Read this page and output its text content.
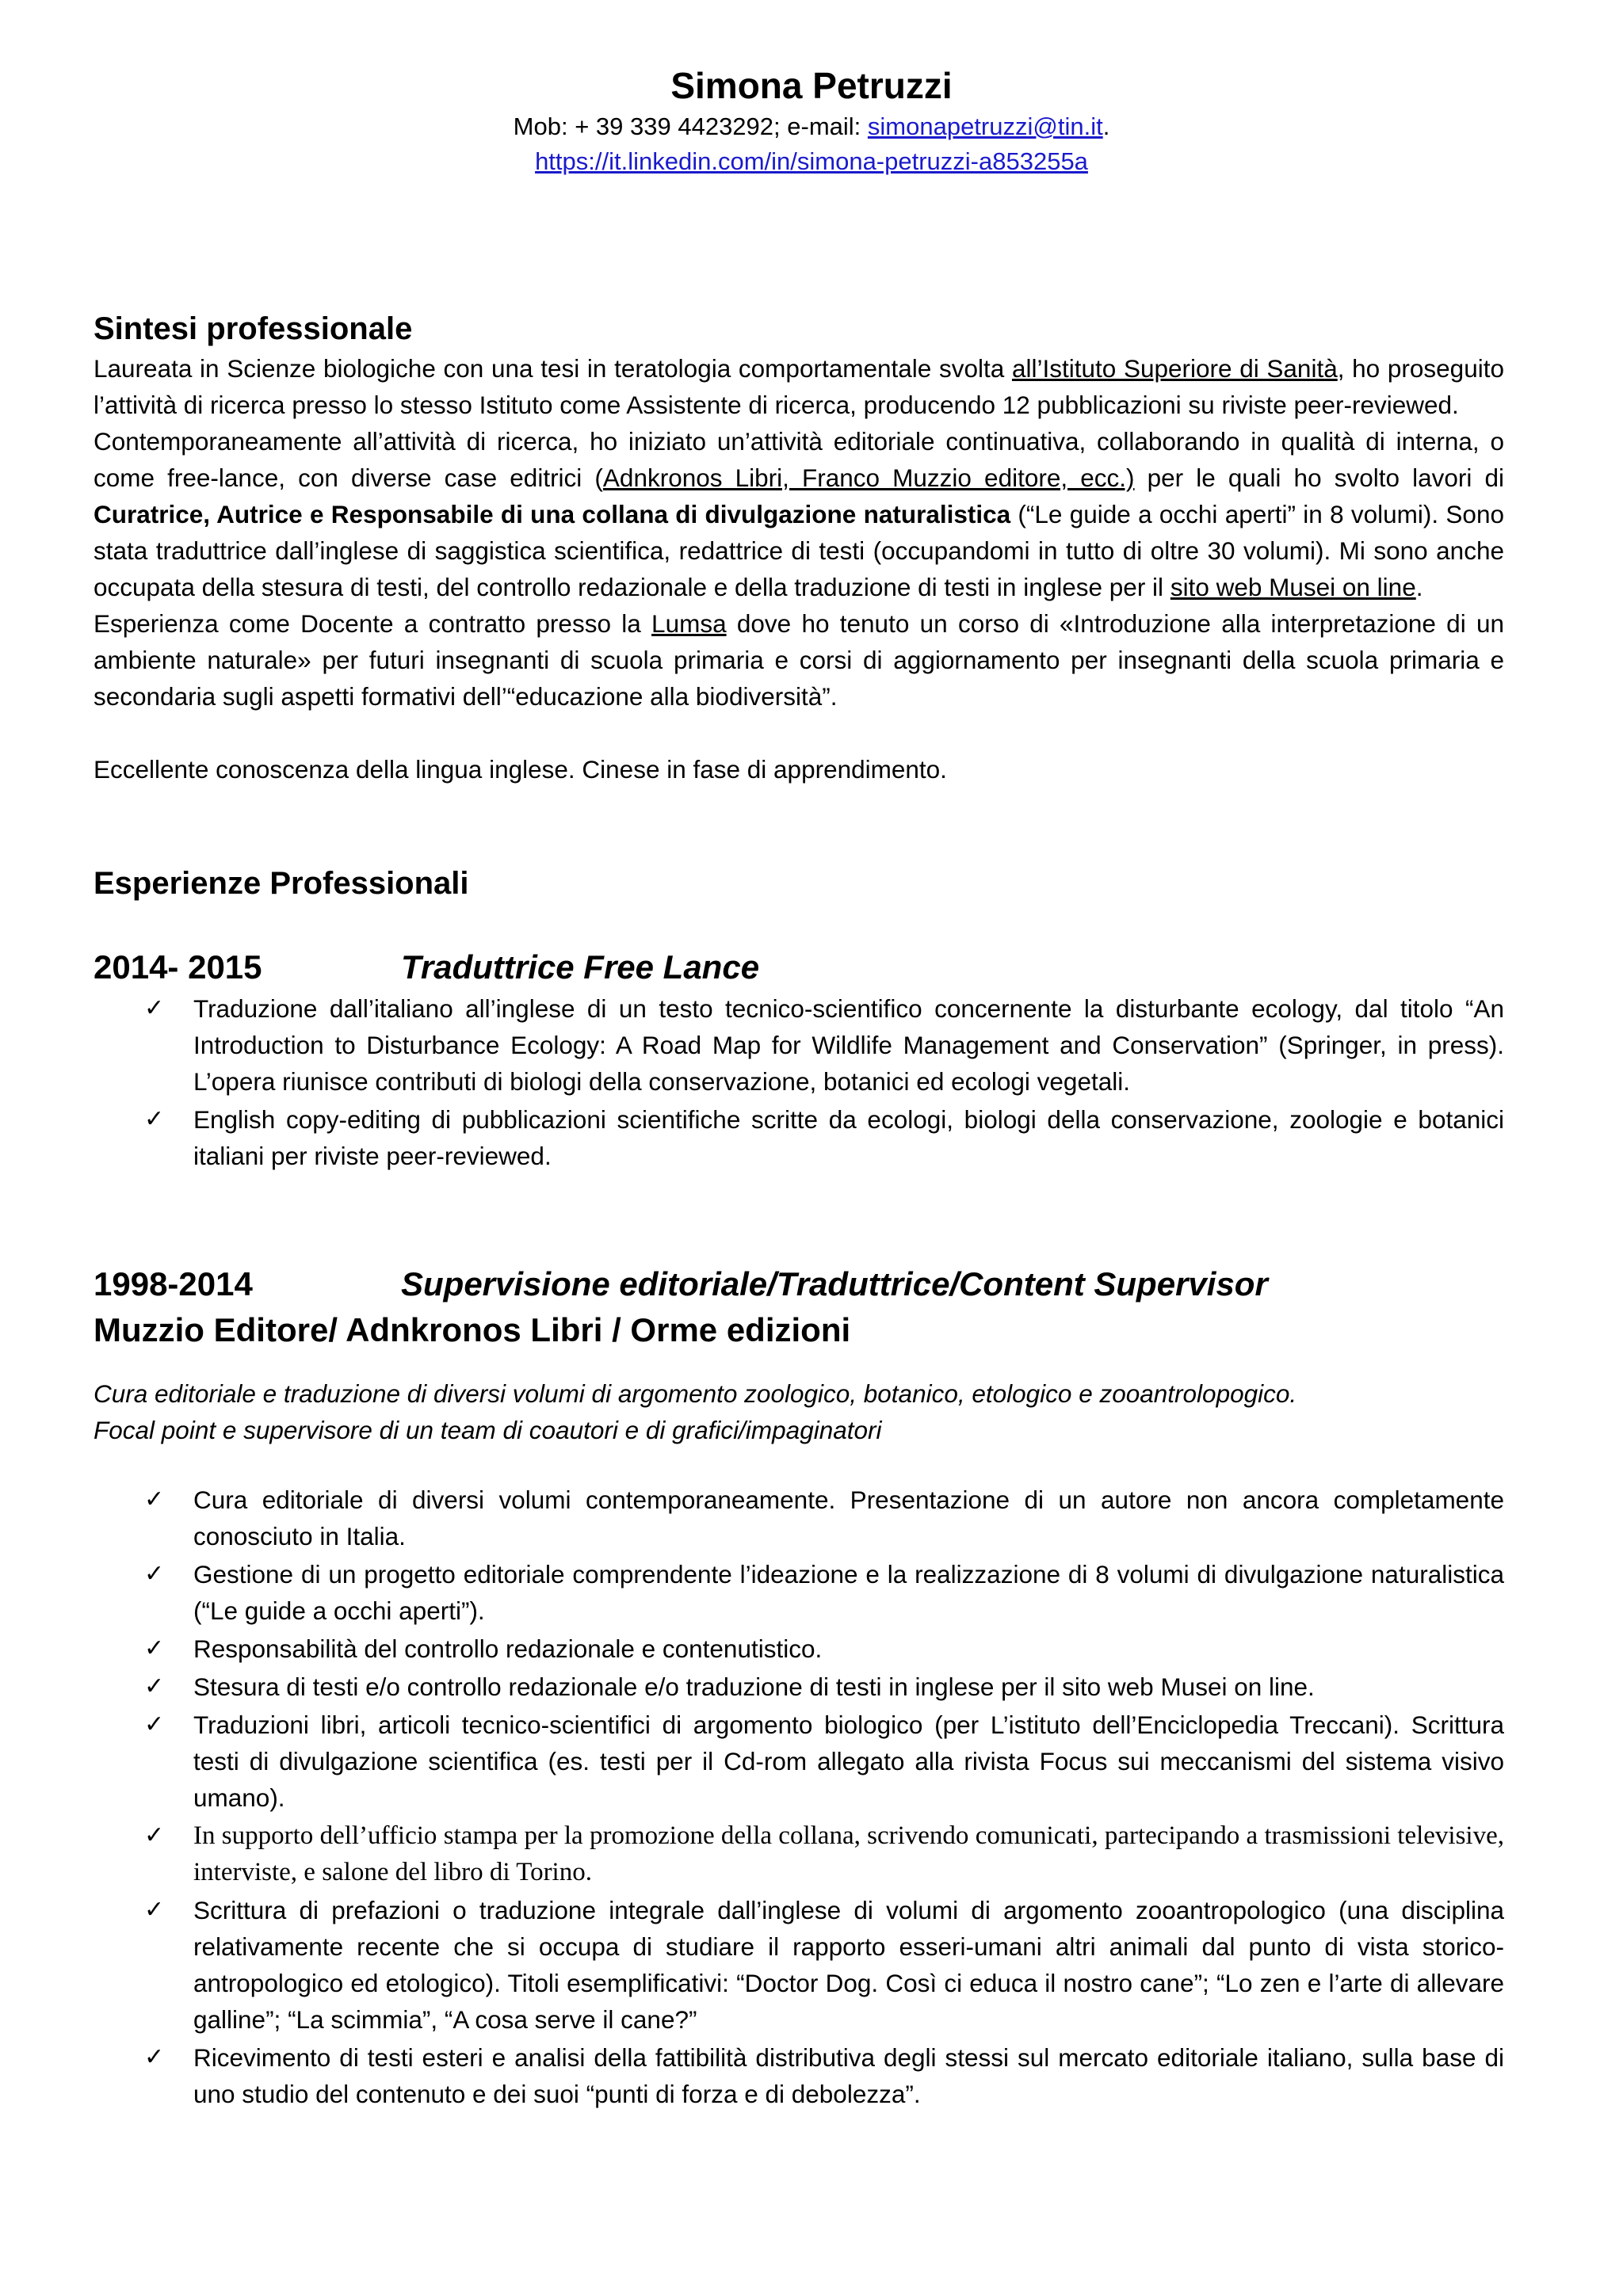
Simona Petruzzi
Mob: + 39 339 4423292; e-mail: simonapetruzzi@tin.it.
https://it.linkedin.com/in/simona-petruzzi-a853255a
Sintesi professionale

Laureata in Scienze biologiche con una tesi in teratologia comportamentale svolta all’Istituto Superiore di Sanità, ho proseguito l’attività di ricerca presso lo stesso Istituto come Assistente di ricerca, producendo 12 pubblicazioni su riviste peer-reviewed.

Contemporaneamente all’attività di ricerca, ho iniziato un’attività editoriale continuativa, collaborando in qualità di interna, o come free-lance, con diverse case editrici (Adnkronos Libri, Franco Muzzio editore, ecc.) per le quali ho svolto lavori di Curatrice, Autrice e Responsabile di una collana di divulgazione naturalistica (“Le guide a occhi aperti” in 8 volumi). Sono stata traduttrice dall’inglese di saggistica scientifica, redattrice di testi (occupandomi in tutto di oltre 30 volumi). Mi sono anche occupata della stesura di testi, del controllo redazionale e della traduzione di testi in inglese per il sito web Musei on line.

Esperienza come Docente a contratto presso la Lumsa dove ho tenuto un corso di «Introduzione alla interpretazione di un ambiente naturale» per futuri insegnanti di scuola primaria e corsi di aggiornamento per insegnanti della scuola primaria e secondaria sugli aspetti formativi dell’“educazione alla biodiversità”.

Eccellente conoscenza della lingua inglese. Cinese in fase di apprendimento.

Esperienze Professionali
2014- 2015	Traduttrice Free Lance
✓ Traduzione dall’italiano all’inglese di un testo tecnico-scientifico concernente la disturbante ecology, dal titolo “An Introduction to Disturbance Ecology: A Road Map for Wildlife Management and Conservation” (Springer, in press). L’opera riunisce contributi di biologi della conservazione, botanici ed ecologi vegetali.
✓ English copy-editing di pubblicazioni scientifiche scritte da ecologi, biologi della conservazione, zoologie e botanici italiani per riviste peer-reviewed.
1998-2014	Supervisione editoriale/Traduttrice/Content Supervisor
Muzzio Editore/ Adnkronos Libri / Orme edizioni

Cura editoriale e traduzione di diversi volumi di argomento zoologico, botanico, etologico e zooantrolopogico.

Focal point e supervisore di un team di coautori e di grafici/impaginatori

✓ Cura editoriale di diversi volumi contemporaneamente. Presentazione di un autore non ancora completamente conosciuto in Italia.
✓ Gestione di un progetto editoriale comprendente l’ideazione e la realizzazione di 8 volumi di divulgazione naturalistica (“Le guide a occhi aperti”).
✓ Responsabilità del controllo redazionale e contenutistico.
✓ Stesura di testi e/o controllo redazionale e/o traduzione di testi in inglese per il sito web Musei on line.
✓ Traduzioni libri, articoli tecnico-scientifici di argomento biologico (per L’istituto dell’Enciclopedia Treccani). Scrittura testi di divulgazione scientifica (es. testi per il Cd-rom allegato alla rivista Focus sui meccanismi del sistema visivo umano).
✓ In supporto dell’ufficio stampa per la promozione della collana, scrivendo comunicati, partecipando a trasmissioni televisive, interviste, e salone del libro di Torino.
✓ Scrittura di prefazioni o traduzione integrale dall’inglese di volumi di argomento zooantropologico (una disciplina relativamente recente che si occupa di studiare il rapporto esseri-umani altri animali dal punto di vista storico-antropologico ed etologico). Titoli esemplificativi: “Doctor Dog. Così ci educa il nostro cane”; “Lo zen e l’arte di allevare galline”; “La scimmia”, “A cosa serve il cane?”
✓ Ricevimento di testi esteri e analisi della fattibilità distributiva degli stessi sul mercato editoriale italiano, sulla base di uno studio del contenuto e dei suoi “punti di forza e di debolezza”.
